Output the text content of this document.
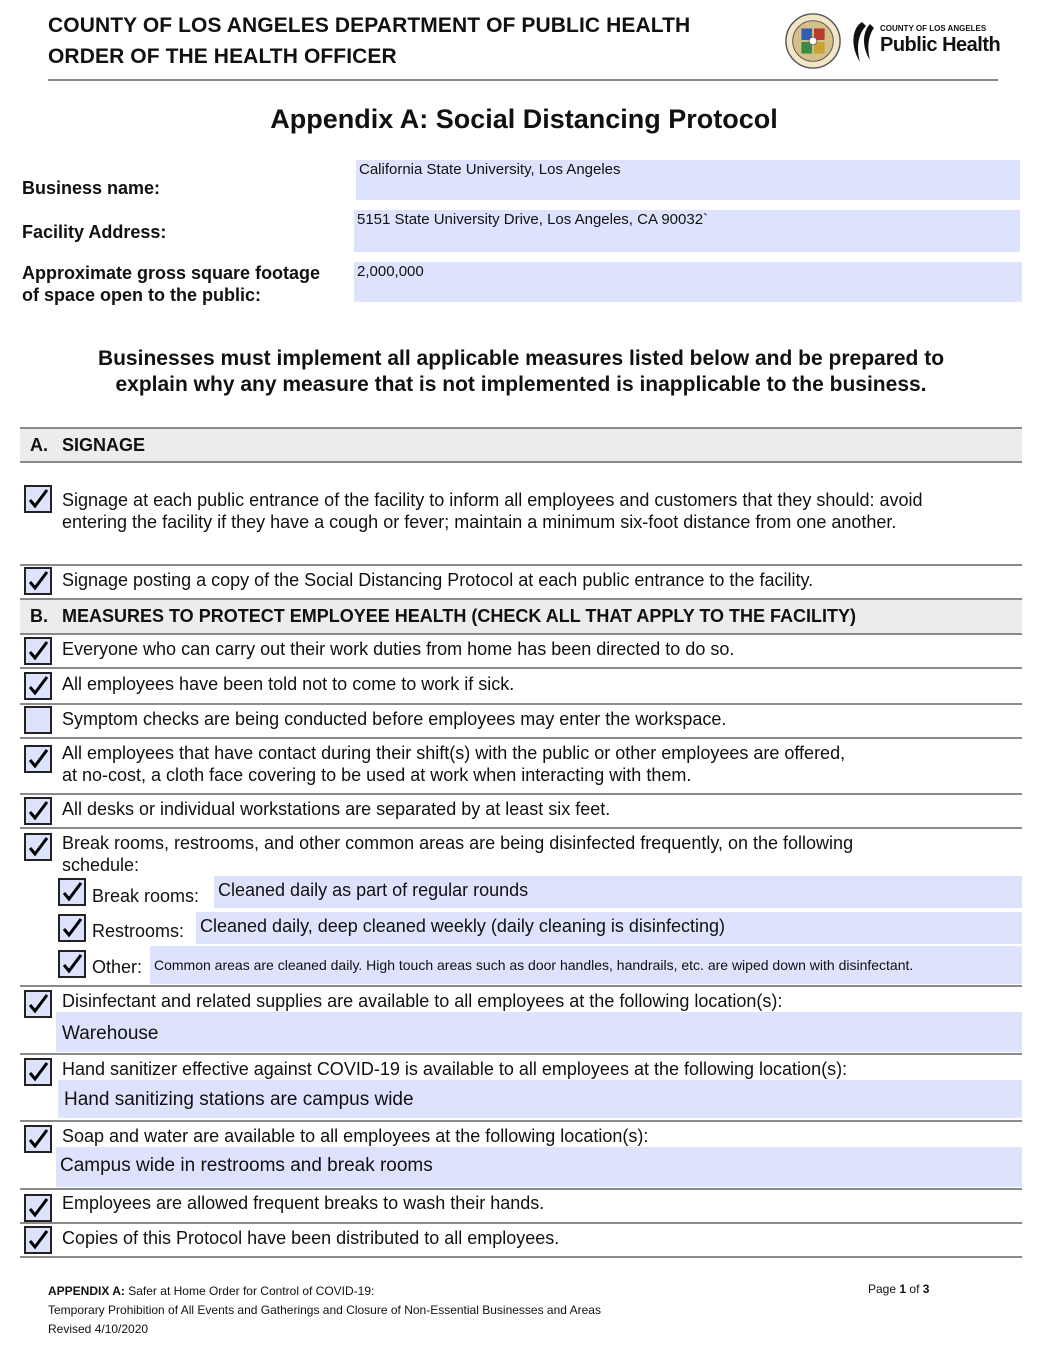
COUNTY OF LOS ANGELES DEPARTMENT OF PUBLIC HEALTH
ORDER OF THE HEALTH OFFICER
COUNTY OF LOS ANGELES
Public Health
Appendix A: Social Distancing Protocol
Business name:
California State University, Los Angeles
Facility Address:
5151 State University Drive, Los Angeles, CA 90032`
Approximate gross square footage
of space open to the public:
2,000,000
Businesses must implement all applicable measures listed below and be prepared to
explain why any measure that is not implemented is inapplicable to the business.
A. SIGNAGE
Signage at each public entrance of the facility to inform all employees and customers that they should: avoid
entering the facility if they have a cough or fever; maintain a minimum six-foot distance from one another.
Signage posting a copy of the Social Distancing Protocol at each public entrance to the facility.
B. MEASURES TO PROTECT EMPLOYEE HEALTH (CHECK ALL THAT APPLY TO THE FACILITY)
Everyone who can carry out their work duties from home has been directed to do so.
All employees have been told not to come to work if sick.
Symptom checks are being conducted before employees may enter the workspace.
All employees that have contact during their shift(s) with the public or other employees are offered,
at no-cost, a cloth face covering to be used at work when interacting with them.
All desks or individual workstations are separated by at least six feet.
Break rooms, restrooms, and other common areas are being disinfected frequently, on the following
schedule:
Break rooms: Cleaned daily as part of regular rounds
Restrooms: Cleaned daily, deep cleaned weekly (daily cleaning is disinfecting)
Other: Common areas are cleaned daily. High touch areas such as door handles, handrails, etc. are wiped down with disinfectant.
Disinfectant and related supplies are available to all employees at the following location(s):
Warehouse
Hand sanitizer effective against COVID-19 is available to all employees at the following location(s):
Hand sanitizing stations are campus wide
Soap and water are available to all employees at the following location(s):
Campus wide in restrooms and break rooms
Employees are allowed frequent breaks to wash their hands.
Copies of this Protocol have been distributed to all employees.
APPENDIX A: Safer at Home Order for Control of COVID-19:
Temporary Prohibition of All Events and Gatherings and Closure of Non-Essential Businesses and Areas
Revised 4/10/2020
Page 1 of 3
